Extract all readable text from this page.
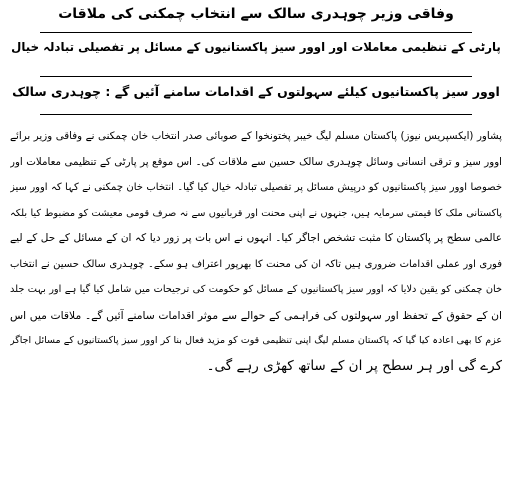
وفاقی وزیر چوہدری سالک سے انتخاب چمکنی کی ملاقات
پارٹی کے تنظیمی معاملات اور اوور سیز پاکستانیوں کے مسائل پر تفصیلی تبادلہ خیال
اوور سیز پاکستانیوں کیلئے سہولتوں کے اقدامات سامنے آئیں گے : چوہدری سالک
پشاور (ایکسپریس نیوز) پاکستان مسلم لیگ خیبر پختونخوا کے صوبائی صدر انتخاب خان چمکنی نے وفاقی وزیر برائے
اوور سیز و ترقی انسانی وسائل چوہدری سالک حسین سے ملاقات کی۔ اس موقع پر پارٹی کے تنظیمی معاملات اور
خصوصا اوور سیز پاکستانیوں کو درپیش مسائل پر تفصیلی تبادلہ خیال کیا گیا۔ انتخاب خان چمکنی نے کہا کہ اوور سیز
پاکستانی ملک کا قیمتی سرمایہ ہیں، جنہوں نے اپنی محنت اور قربانیوں سے نہ صرف قومی معیشت کو مضبوط کیا بلکہ
عالمی سطح پر پاکستان کا مثبت تشخص اجاگر کیا۔ انہوں نے اس بات پر زور دیا کہ ان کے مسائل کے حل کے لیے
فوری اور عملی اقدامات ضروری ہیں تاکہ ان کی محنت کا بھرپور اعتراف ہو سکے۔ چوہدری سالک حسین نے انتخاب
خان چمکنی کو یقین دلایا کہ اوور سیز پاکستانیوں کے مسائل کو حکومت کی ترجیحات میں شامل کیا گیا ہے اور بہت جلد
ان کے حقوق کے تحفظ اور سہولتوں کی فراہمی کے حوالے سے موثر اقدامات سامنے آئیں گے۔ ملاقات میں اس
عزم کا بھی اعادہ کیا گیا کہ پاکستان مسلم لیگ اپنی تنظیمی قوت کو مزید فعال بنا کر اوور سیز پاکستانیوں کے مسائل اجاگر
کرے گی اور ہر سطح پر ان کے ساتھ کھڑی رہے گی۔
